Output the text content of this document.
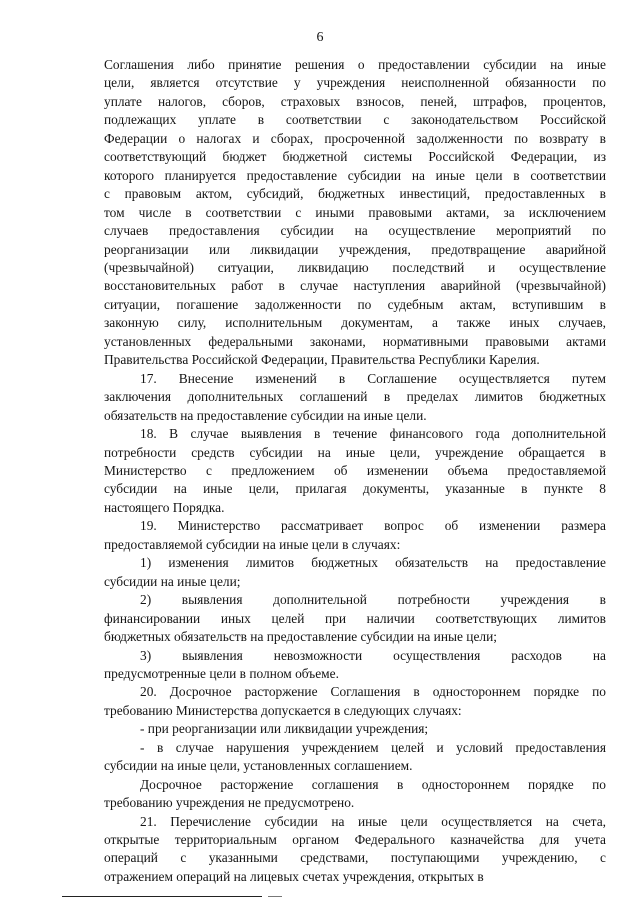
6

Соглашения либо принятие решения о предоставлении субсидии на иные

цели, является отсутствие у учреждения неисполненной обязанности по

уплате налогов, сборов, страховых взносов, пеней, штрафов, процентов,

подлежащих уплате в соответствии с законодательством Российской

Федерации о налогах и сборах, просроченной задолженности по возврату в

соответствующий бюджет бюджетной системы Российской Федерации, из

которого планируется предоставление субсидии на иные цели в соответствии

с правовым актом, субсидий, бюджетных инвестиций, предоставленных в

том числе в соответствии с иными правовыми актами, за исключением

случаев предоставления субсидии на осуществление мероприятий по

реорганизации или ликвидации учреждения, предотвращение аварийной

(чрезвычайной) ситуации, ликвидацию последствий и осуществление

восстановительных работ в случае наступления аварийной (чрезвычайной)

ситуации, погашение задолженности по судебным актам, вступившим в

законную силу, исполнительным документам, а также иных случаев,

установленных федеральными законами, нормативными правовыми актами

Правительства Российской Федерации, Правительства Республики Карелия.

17. Внесение изменений в Соглашение осуществляется путем

заключения дополнительных соглашений в пределах лимитов бюджетных

обязательств на предоставление субсидии на иные цели.

18. В случае выявления в течение финансового года дополнительной

потребности средств субсидии на иные цели, учреждение обращается в

Министерство с предложением об изменении объема предоставляемой

субсидии на иные цели, прилагая документы, указанные в пункте 8

настоящего Порядка.

19. Министерство рассматривает вопрос об изменении размера

предоставляемой субсидии на иные цели в случаях:

1) изменения лимитов бюджетных обязательств на предоставление

субсидии на иные цели;

2) выявления дополнительной потребности учреждения в

финансировании иных целей при наличии соответствующих лимитов

бюджетных обязательств на предоставление субсидии на иные цели;

3) выявления невозможности осуществления расходов на

предусмотренные цели в полном объеме.

20. Досрочное расторжение Соглашения в одностороннем порядке по

требованию Министерства допускается в следующих случаях:

- при реорганизации или ликвидации учреждения;

- в случае нарушения учреждением целей и условий предоставления

субсидии на иные цели, установленных соглашением.

Досрочное расторжение соглашения в одностороннем порядке по

требованию учреждения не предусмотрено.

21. Перечисление субсидии на иные цели осуществляется на счета,

открытые территориальным органом Федерального казначейства для учета

операций с указанными средствами, поступающими учреждению, с

отражением операций на лицевых счетах учреждения, открытых в
